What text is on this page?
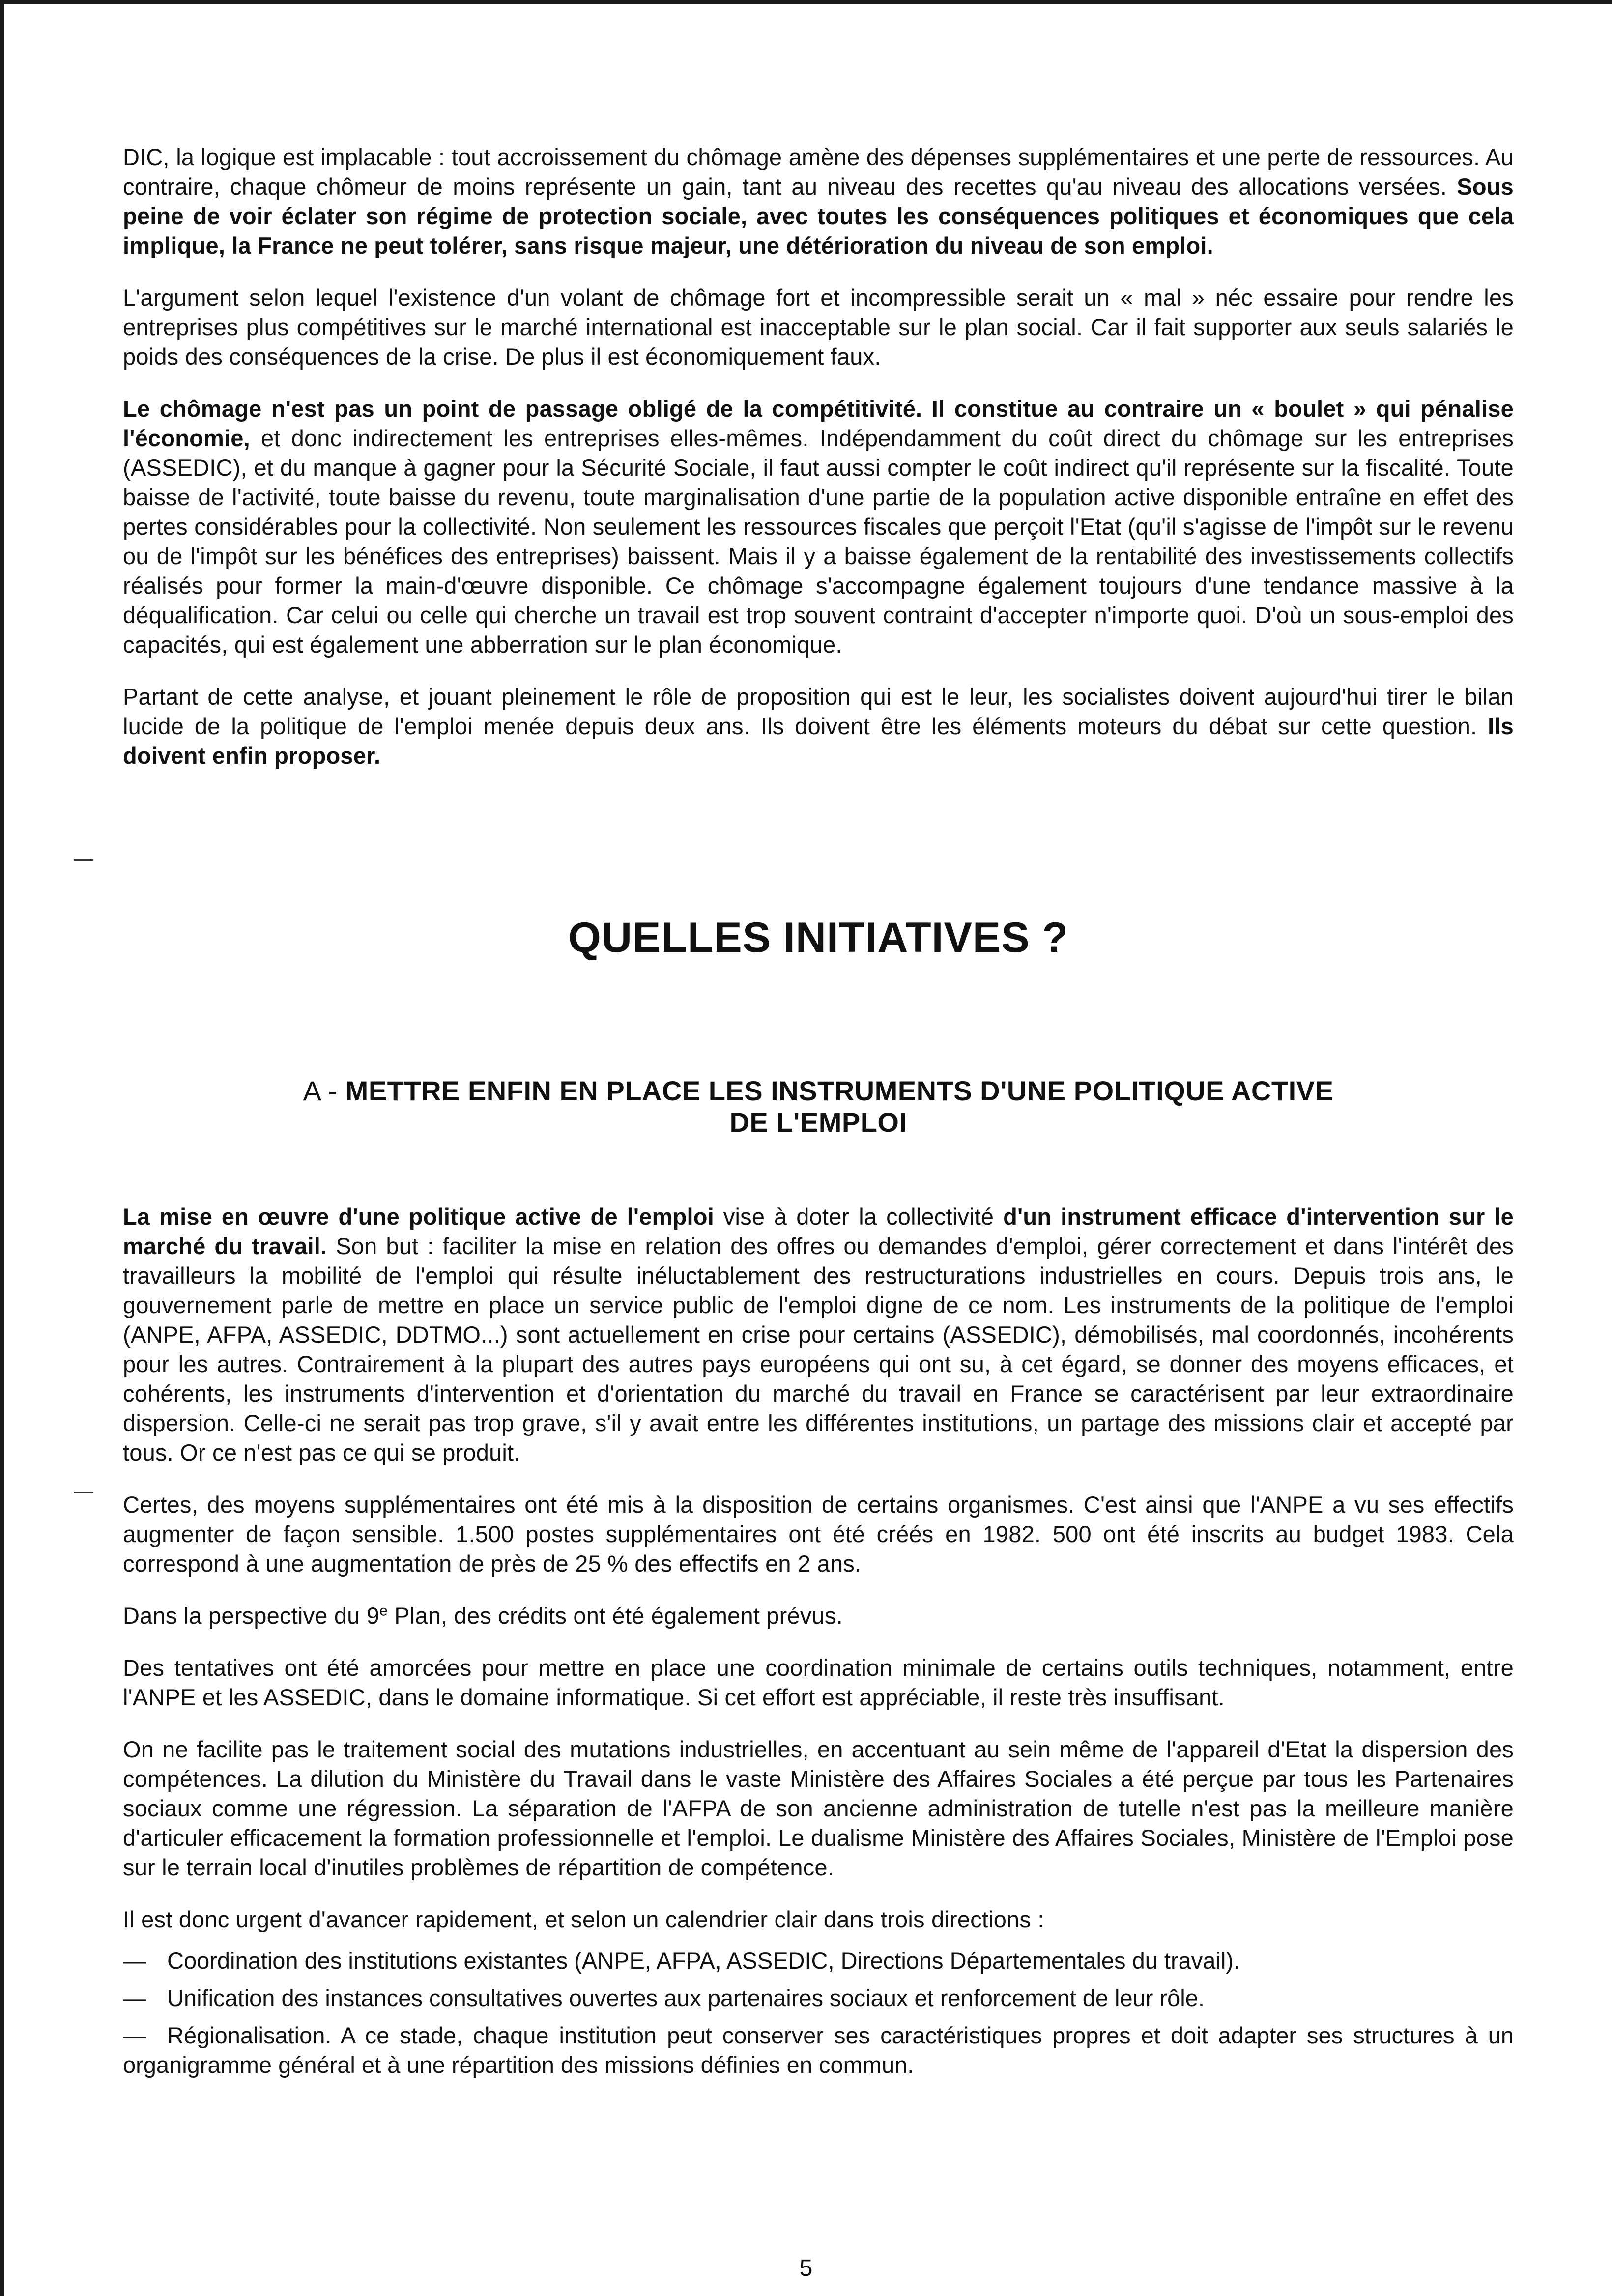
DIC, la logique est implacable : tout accroissement du chômage amène des dépenses supplémentaires et une perte de ressources. Au contraire, chaque chômeur de moins représente un gain, tant au niveau des recettes qu'au niveau des allocations versées. Sous peine de voir éclater son régime de protection sociale, avec toutes les conséquences politiques et économiques que cela implique, la France ne peut tolérer, sans risque majeur, une détérioration du niveau de son emploi.

L'argument selon lequel l'existence d'un volant de chômage fort et incompressible serait un « mal » néc essaire pour rendre les entreprises plus compétitives sur le marché international est inacceptable sur le plan social. Car il fait supporter aux seuls salariés le poids des conséquences de la crise. De plus il est économiquement faux.

Le chômage n'est pas un point de passage obligé de la compétitivité. Il constitue au contraire un « boulet » qui pénalise l'économie, et donc indirectement les entreprises elles-mêmes. Indépendamment du coût direct du chômage sur les entreprises (ASSEDIC), et du manque à gagner pour la Sécurité Sociale, il faut aussi compter le coût indirect qu'il représente sur la fiscalité. Toute baisse de l'activité, toute baisse du revenu, toute marginalisation d'une partie de la population active disponible entraîne en effet des pertes considérables pour la collectivité. Non seulement les ressources fiscales que perçoit l'Etat (qu'il s'agisse de l'impôt sur le revenu ou de l'impôt sur les bénéfices des entreprises) baissent. Mais il y a baisse également de la rentabilité des investissements collectifs réalisés pour former la main-d'œuvre disponible. Ce chômage s'accompagne également toujours d'une tendance massive à la déqualification. Car celui ou celle qui cherche un travail est trop souvent contraint d'accepter n'importe quoi. D'où un sous-emploi des capacités, qui est également une abberration sur le plan économique.

Partant de cette analyse, et jouant pleinement le rôle de proposition qui est le leur, les socialistes doivent aujourd'hui tirer le bilan lucide de la politique de l'emploi menée depuis deux ans. Ils doivent être les éléments moteurs du débat sur cette question. Ils doivent enfin proposer.

QUELLES INITIATIVES ?
A - METTRE ENFIN EN PLACE LES INSTRUMENTS D'UNE POLITIQUE ACTIVE
DE L'EMPLOI

La mise en œuvre d'une politique active de l'emploi vise à doter la collectivité d'un instrument efficace d'intervention sur le marché du travail. Son but : faciliter la mise en relation des offres ou demandes d'emploi, gérer correctement et dans l'intérêt des travailleurs la mobilité de l'emploi qui résulte inéluctablement des restructurations industrielles en cours. Depuis trois ans, le gouvernement parle de mettre en place un service public de l'emploi digne de ce nom. Les instruments de la politique de l'emploi (ANPE, AFPA, ASSEDIC, DDTMO...) sont actuellement en crise pour certains (ASSEDIC), démobilisés, mal coordonnés, incohérents pour les autres. Contrairement à la plupart des autres pays européens qui ont su, à cet égard, se donner des moyens efficaces, et cohérents, les instruments d'intervention et d'orientation du marché du travail en France se caractérisent par leur extraordinaire dispersion. Celle-ci ne serait pas trop grave, s'il y avait entre les différentes institutions, un partage des missions clair et accepté par tous. Or ce n'est pas ce qui se produit.

Certes, des moyens supplémentaires ont été mis à la disposition de certains organismes. C'est ainsi que l'ANPE a vu ses effectifs augmenter de façon sensible. 1.500 postes supplémentaires ont été créés en 1982. 500 ont été inscrits au budget 1983. Cela correspond à une augmentation de près de 25 % des effectifs en 2 ans.

Dans la perspective du 9e Plan, des crédits ont été également prévus.

Des tentatives ont été amorcées pour mettre en place une coordination minimale de certains outils techniques, notamment, entre l'ANPE et les ASSEDIC, dans le domaine informatique. Si cet effort est appréciable, il reste très insuffisant.

On ne facilite pas le traitement social des mutations industrielles, en accentuant au sein même de l'appareil d'Etat la dispersion des compétences. La dilution du Ministère du Travail dans le vaste Ministère des Affaires Sociales a été perçue par tous les Partenaires sociaux comme une régression. La séparation de l'AFPA de son ancienne administration de tutelle n'est pas la meilleure manière d'articuler efficacement la formation professionnelle et l'emploi. Le dualisme Ministère des Affaires Sociales, Ministère de l'Emploi pose sur le terrain local d'inutiles problèmes de répartition de compétence.

Il est donc urgent d'avancer rapidement, et selon un calendrier clair dans trois directions :

— Coordination des institutions existantes (ANPE, AFPA, ASSEDIC, Directions Départementales du travail).
— Unification des instances consultatives ouvertes aux partenaires sociaux et renforcement de leur rôle.
— Régionalisation. A ce stade, chaque institution peut conserver ses caractéristiques propres et doit adapter ses structures à un organigramme général et à une répartition des missions définies en commun.
5
